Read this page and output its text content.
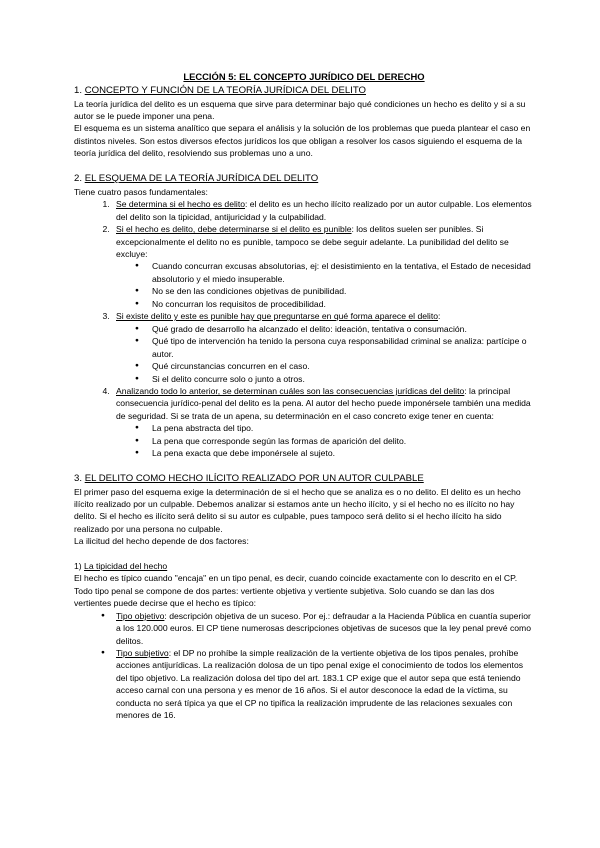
LECCIÓN 5: EL CONCEPTO JURÍDICO DEL DERECHO

1. CONCEPTO Y FUNCIÓN DE LA TEORÍA JURÍDICA DEL DELITO

La teoría jurídica del delito es un esquema que sirve para determinar bajo qué condiciones un hecho es delito y si a su autor se le puede imponer una pena.

El esquema es un sistema analítico que separa el análisis y la solución de los problemas que pueda plantear el caso en distintos niveles. Son estos diversos efectos jurídicos los que obligan a resolver los casos siguiendo el esquema de la teoría jurídica del delito, resolviendo sus problemas uno a uno.

2. EL ESQUEMA DE LA TEORÍA JURÍDICA DEL DELITO

Tiene cuatro pasos fundamentales:

1. Se determina si el hecho es delito: el delito es un hecho ilícito realizado por un autor culpable. Los elementos del delito son la tipicidad, antijuricidad y la culpabilidad.
2. Si el hecho es delito, debe determinarse si el delito es punible: los delitos suelen ser punibles. Si excepcionalmente el delito no es punible, tampoco se debe seguir adelante. La punibilidad del delito se excluye:
● Cuando concurran excusas absolutorias, ej: el desistimiento en la tentativa, el Estado de necesidad absolutorio y el miedo insuperable.
● No se den las condiciones objetivas de punibilidad.
● No concurran los requisitos de procedibilidad.
3. Si existe delito y este es punible hay que preguntarse en qué forma aparece el delito:
● Qué grado de desarrollo ha alcanzado el delito: ideación, tentativa o consumación.
● Qué tipo de intervención ha tenido la persona cuya responsabilidad criminal se analiza: partícipe o autor.
● Qué circunstancias concurren en el caso.
● Si el delito concurre solo o junto a otros.
4. Analizando todo lo anterior, se determinan cuáles son las consecuencias jurídicas del delito: la principal consecuencia jurídico-penal del delito es la pena. Al autor del hecho puede imponérsele también una medida de seguridad. Si se trata de un apena, su determinación en el caso concreto exige tener en cuenta:
● La pena abstracta del tipo.
● La pena que corresponde según las formas de aparición del delito.
● La pena exacta que debe imponérsele al sujeto.

3. EL DELITO COMO HECHO ILÍCITO REALIZADO POR UN AUTOR CULPABLE

El primer paso del esquema exige la determinación de si el hecho que se analiza es o no delito. El delito es un hecho ilícito realizado por un culpable. Debemos analizar si estamos ante un hecho ilícito, y si el hecho no es ilícito no hay delito. Si el hecho es ilícito será delito si su autor es culpable, pues tampoco será delito si el hecho ilícito ha sido realizado por una persona no culpable.

La ilicitud del hecho depende de dos factores:

1) La tipicidad del hecho

El hecho es típico cuando "encaja" en un tipo penal, es decir, cuando coincide exactamente con lo descrito en el CP. Todo tipo penal se compone de dos partes: vertiente objetiva y vertiente subjetiva. Solo cuando se dan las dos vertientes puede decirse que el hecho es típico:

● Tipo objetivo: descripción objetiva de un suceso. Por ej.: defraudar a la Hacienda Pública en cuantía superior a los 120.000 euros. El CP tiene numerosas descripciones objetivas de sucesos que la ley penal prevé como delitos.
● Tipo subjetivo: el DP no prohíbe la simple realización de la vertiente objetiva de los tipos penales, prohíbe acciones antijurídicas. La realización dolosa de un tipo penal exige el conocimiento de todos los elementos del tipo objetivo. La realización dolosa del tipo del art. 183.1 CP exige que el autor sepa que está teniendo acceso carnal con una persona y es menor de 16 años. Si el autor desconoce la edad de la víctima, su conducta no será típica ya que el CP no tipifica la realización imprudente de las relaciones sexuales con menores de 16.
